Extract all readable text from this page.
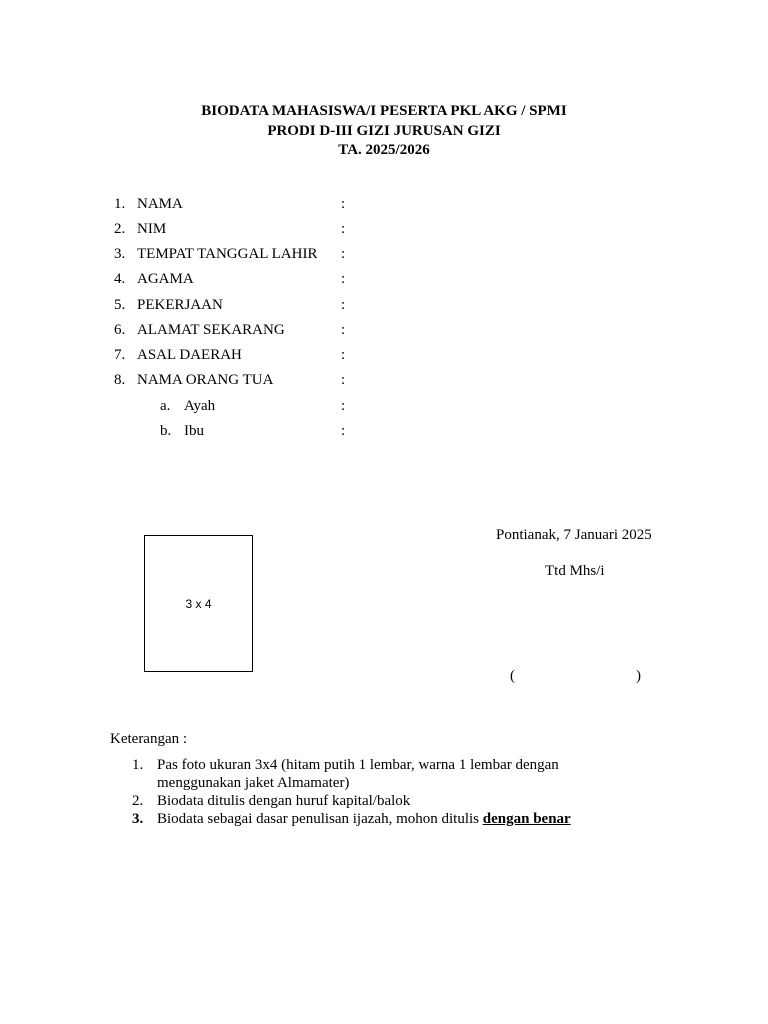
BIODATA MAHASISWA/I PESERTA PKL AKG / SPMI
PRODI D-III GIZI JURUSAN GIZI
TA. 2025/2026
1. NAMA	:
2. NIM	:
3. TEMPAT TANGGAL LAHIR :
4. AGAMA	:
5. PEKERJAAN	:
6. ALAMAT SEKARANG	:
7. ASAL DAERAH	:
8. NAMA ORANG TUA	:
a. Ayah	:
b. Ibu	:
3 x 4
Pontianak, 7 Januari 2025
Ttd Mhs/i
(	)
Keterangan :
1. Pas foto ukuran 3x4 (hitam putih 1 lembar, warna 1 lembar dengan
menggunakan jaket Almamater)
2. Biodata ditulis dengan huruf kapital/balok
3. Biodata sebagai dasar penulisan ijazah, mohon ditulis dengan benar
